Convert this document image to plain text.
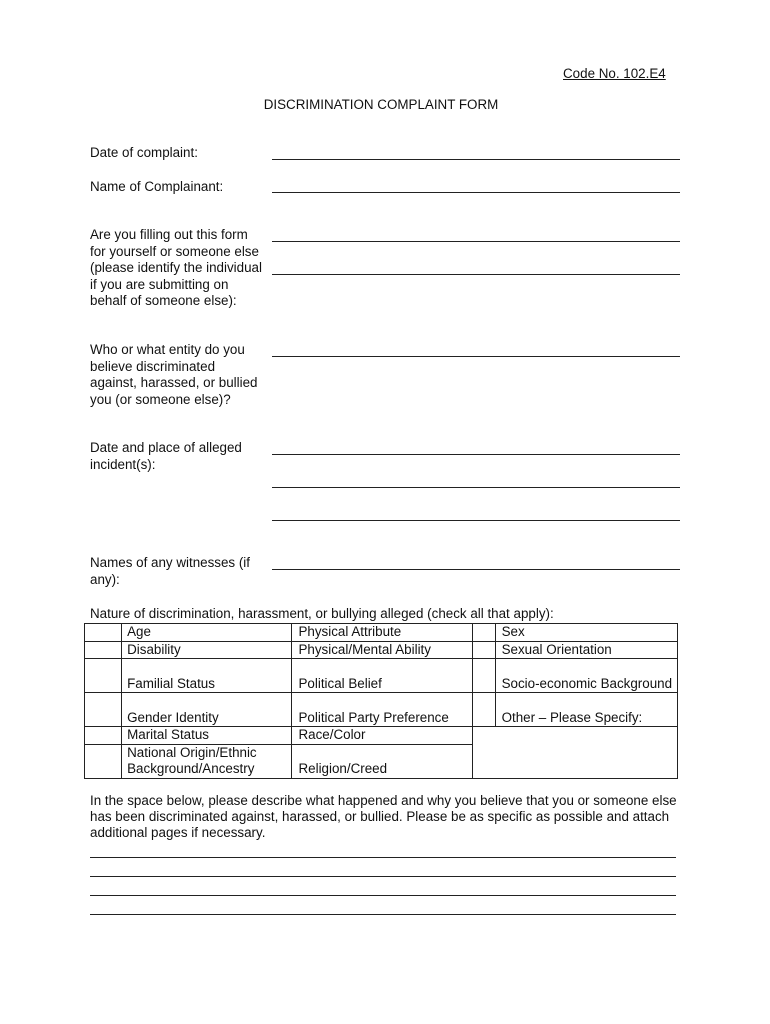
Code No. 102.E4
DISCRIMINATION COMPLAINT FORM
Date of complaint:
Name of Complainant:
Are you filling out this form for yourself or someone else (please identify the individual if you are submitting on behalf of someone else):
Who or what entity do you believe discriminated against, harassed, or bullied you (or someone else)?
Date and place of alleged incident(s):
Names of any witnesses (if any):
Nature of discrimination, harassment, or bullying alleged (check all that apply):
	Age	Physical Attribute		Sex
	Disability	Physical/Mental Ability		Sexual Orientation
	Familial Status	Political Belief		Socio-economic Background
	Gender Identity	Political Party Preference		Other – Please Specify:
	Marital Status	Race/Color		
	National Origin/Ethnic Background/Ancestry	Religion/Creed		
In the space below, please describe what happened and why you believe that you or someone else has been discriminated against, harassed, or bullied. Please be as specific as possible and attach additional pages if necessary.
